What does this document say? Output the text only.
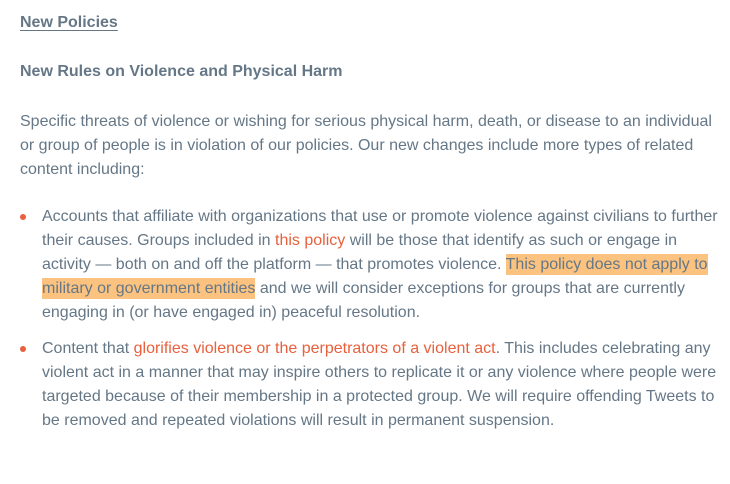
New Policies
New Rules on Violence and Physical Harm

Specific threats of violence or wishing for serious physical harm, death, or disease to an individual or group of people is in violation of our policies. Our new changes include more types of related content including:

Accounts that affiliate with organizations that use or promote violence against civilians to further their causes. Groups included in this policy will be those that identify as such or engage in activity — both on and off the platform — that promotes violence. This policy does not apply to military or government entities and we will consider exceptions for groups that are currently engaging in (or have engaged in) peaceful resolution.
Content that glorifies violence or the perpetrators of a violent act. This includes celebrating any violent act in a manner that may inspire others to replicate it or any violence where people were targeted because of their membership in a protected group. We will require offending Tweets to be removed and repeated violations will result in permanent suspension.
